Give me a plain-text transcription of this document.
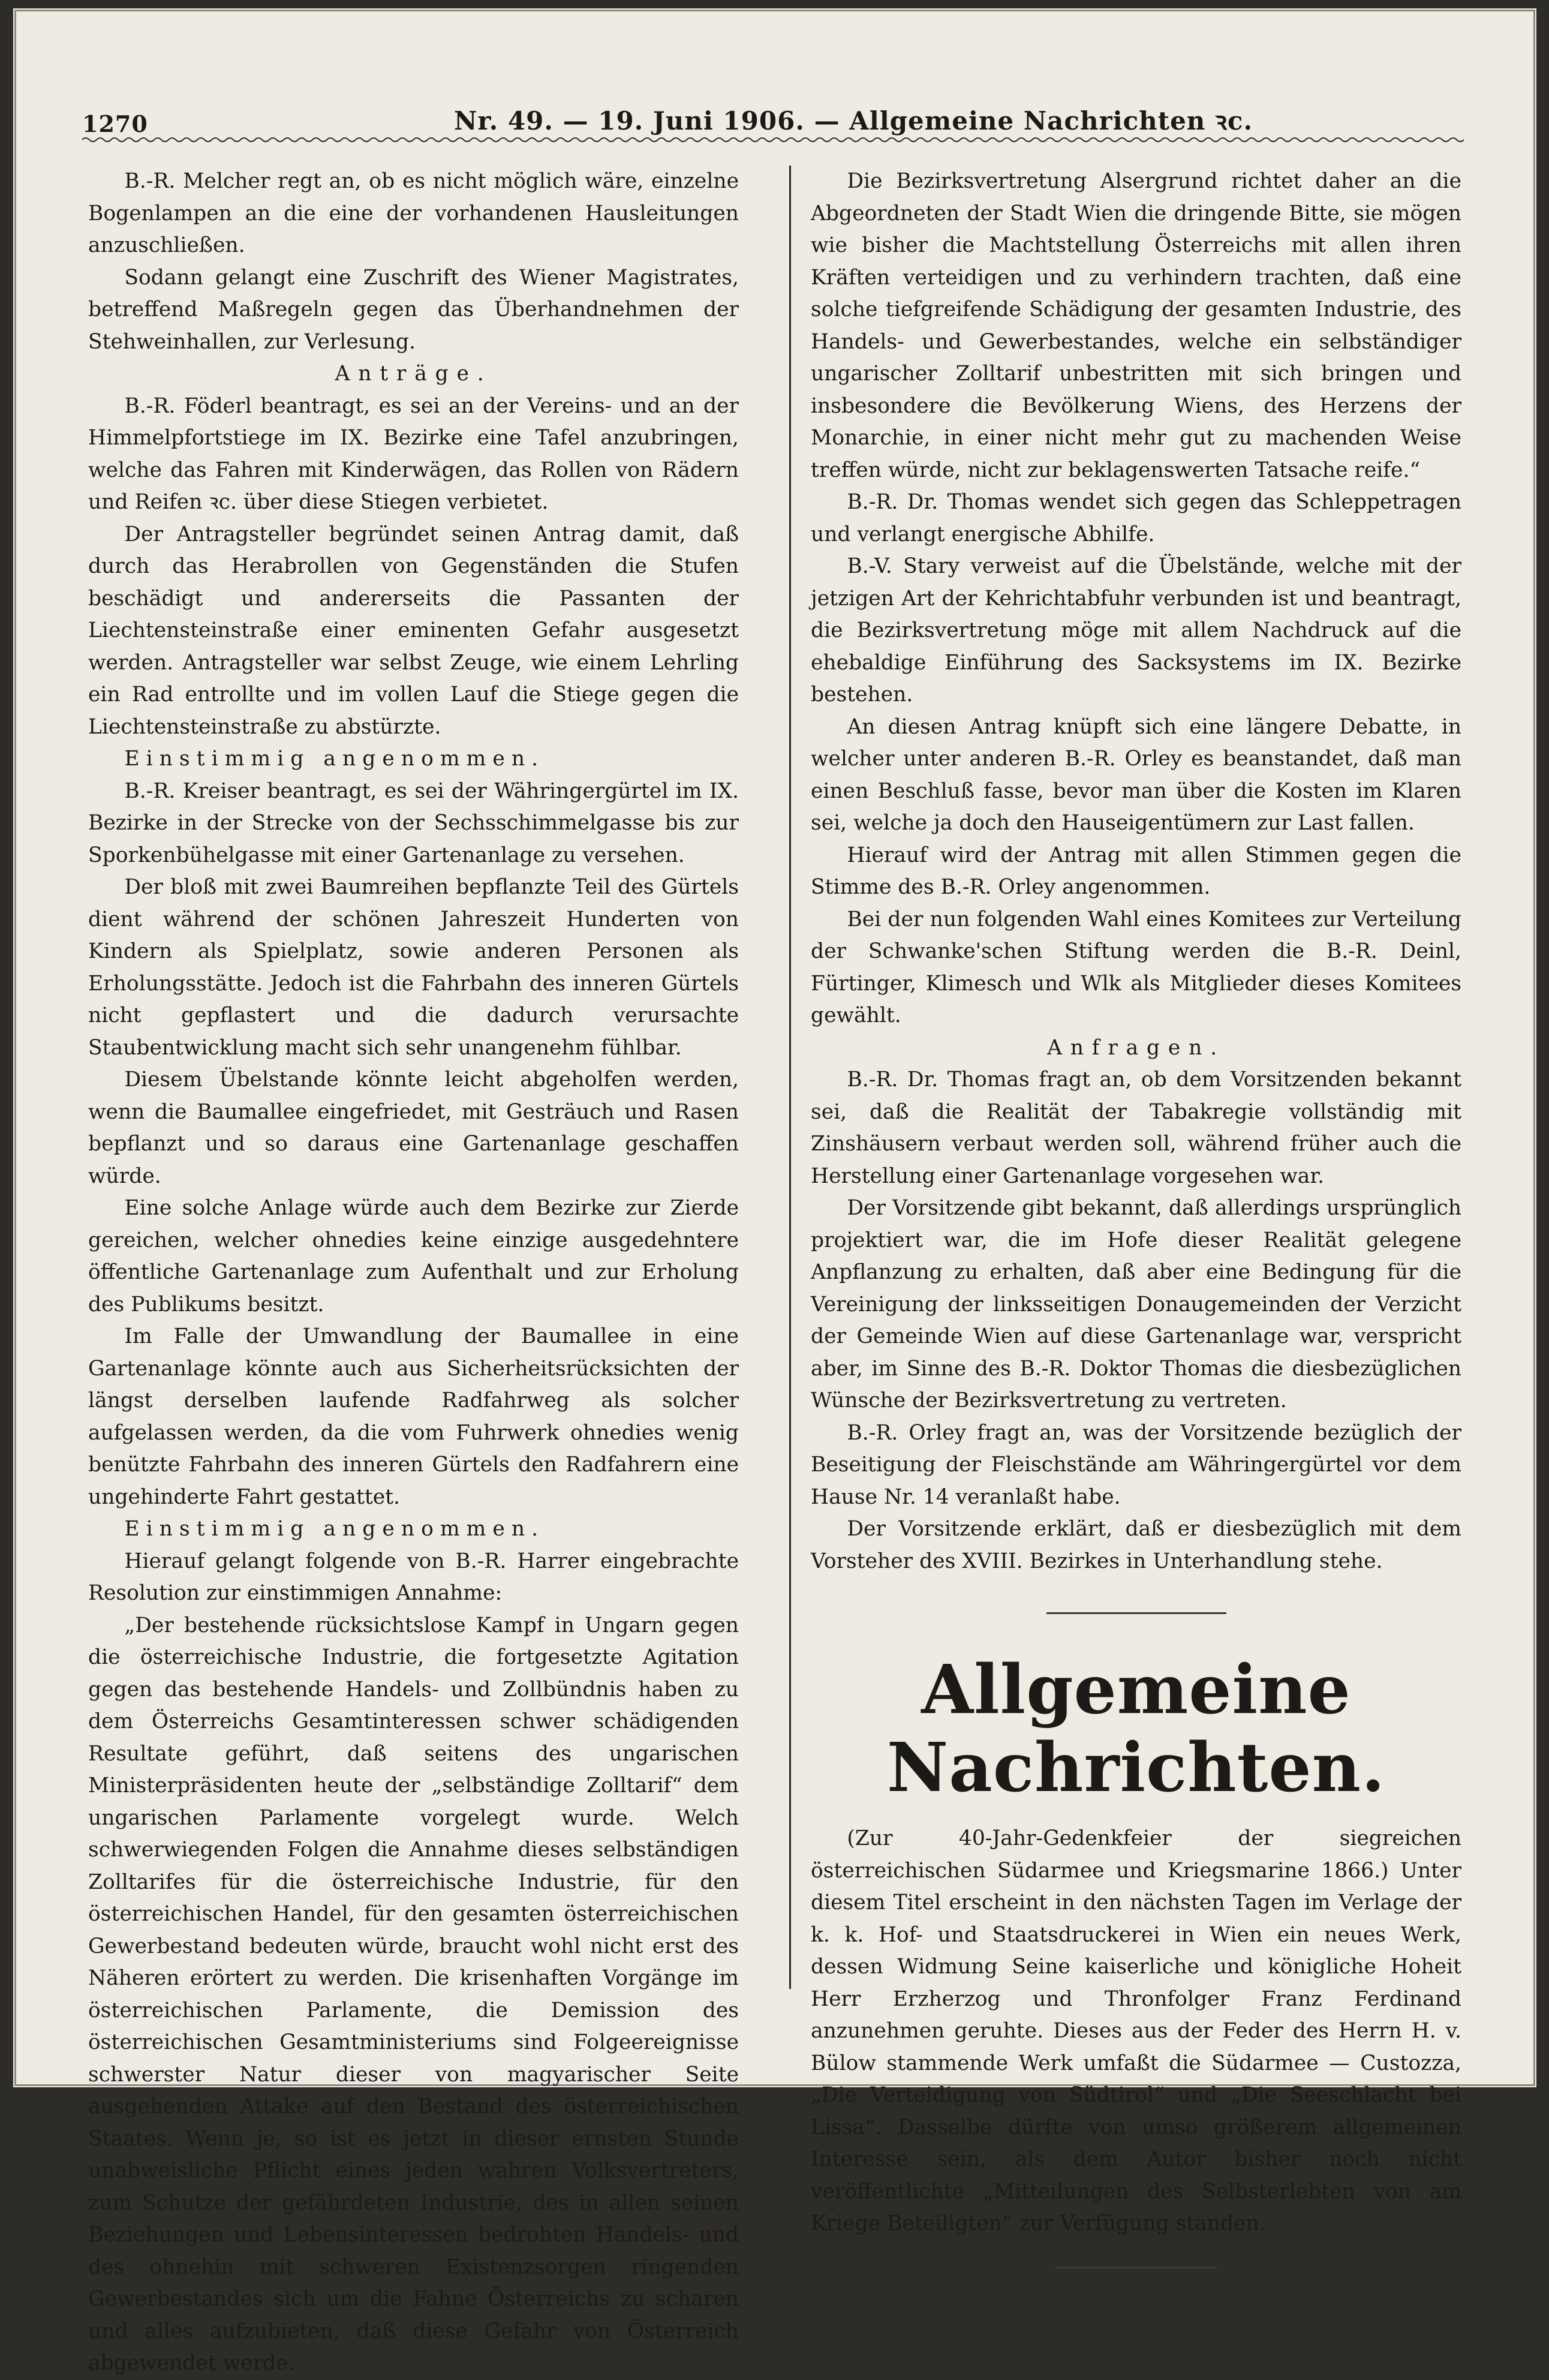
1270	Nr. 49. — 19. Juni 1906. — Allgemeine Nachrichten ꝛc.

B.-R. Melcher regt an, ob es nicht möglich wäre, einzelne Bogenlampen an die eine der vorhandenen Hausleitungen anzuschließen.

Sodann gelangt eine Zuschrift des Wiener Magistrates, betreffend Maßregeln gegen das Überhandnehmen der Stehweinhallen, zur Verlesung.

Anträge.

B.-R. Föderl beantragt, es sei an der Vereins- und an der Himmelpfortstiege im IX. Bezirke eine Tafel anzubringen, welche das Fahren mit Kinderwägen, das Rollen von Rädern und Reifen ꝛc. über diese Stiegen verbietet.

Der Antragsteller begründet seinen Antrag damit, daß durch das Herabrollen von Gegenständen die Stufen beschädigt und andererseits die Passanten der Liechtensteinstraße einer eminenten Gefahr ausgesetzt werden. Antragsteller war selbst Zeuge, wie einem Lehrling ein Rad entrollte und im vollen Lauf die Stiege gegen die Liechtensteinstraße zu abstürzte.

Einstimmig angenommen.

B.-R. Kreiser beantragt, es sei der Währingergürtel im IX. Bezirke in der Strecke von der Sechsschimmelgasse bis zur Sporkenbühelgasse mit einer Gartenanlage zu versehen.

Der bloß mit zwei Baumreihen bepflanzte Teil des Gürtels dient während der schönen Jahreszeit Hunderten von Kindern als Spielplatz, sowie anderen Personen als Erholungsstätte. Jedoch ist die Fahrbahn des inneren Gürtels nicht gepflastert und die dadurch verursachte Staubentwicklung macht sich sehr unangenehm fühlbar.

Diesem Übelstande könnte leicht abgeholfen werden, wenn die Baumallee eingefriedet, mit Gesträuch und Rasen bepflanzt und so daraus eine Gartenanlage geschaffen würde.

Eine solche Anlage würde auch dem Bezirke zur Zierde gereichen, welcher ohnedies keine einzige ausgedehntere öffentliche Gartenanlage zum Aufenthalt und zur Erholung des Publikums besitzt.

Im Falle der Umwandlung der Baumallee in eine Gartenanlage könnte auch aus Sicherheitsrücksichten der längst derselben laufende Radfahrweg als solcher aufgelassen werden, da die vom Fuhrwerk ohnedies wenig benützte Fahrbahn des inneren Gürtels den Radfahrern eine ungehinderte Fahrt gestattet.

Einstimmig angenommen.

Hierauf gelangt folgende von B.-R. Harrer eingebrachte Resolution zur einstimmigen Annahme:

„Der bestehende rücksichtslose Kampf in Ungarn gegen die österreichische Industrie, die fortgesetzte Agitation gegen das bestehende Handels- und Zollbündnis haben zu dem Österreichs Gesamtinteressen schwer schädigenden Resultate geführt, daß seitens des ungarischen Ministerpräsidenten heute der „selbständige Zolltarif“ dem ungarischen Parlamente vorgelegt wurde. Welch schwerwiegenden Folgen die Annahme dieses selbständigen Zolltarifes für die österreichische Industrie, für den österreichischen Handel, für den gesamten österreichischen Gewerbestand bedeuten würde, braucht wohl nicht erst des Näheren erörtert zu werden. Die krisenhaften Vorgänge im österreichischen Parlamente, die Demission des österreichischen Gesamtministeriums sind Folgeereignisse schwerster Natur dieser von magyarischer Seite ausgehenden Attake auf den Bestand des österreichischen Staates. Wenn je, so ist es jetzt in dieser ernsten Stunde unabweisliche Pflicht eines jeden wahren Volksvertreters, zum Schutze der gefährdeten Industrie, des in allen seinen Beziehungen und Lebensinteressen bedrohten Handels- und des ohnehin mit schweren Existenzsorgen ringenden Gewerbestandes sich um die Fahne Österreichs zu scharen und alles aufzubieten, daß diese Gefahr von Österreich abgewendet werde.

Die Bezirksvertretung Alsergrund richtet daher an die Abgeordneten der Stadt Wien die dringende Bitte, sie mögen wie bisher die Machtstellung Österreichs mit allen ihren Kräften verteidigen und zu verhindern trachten, daß eine solche tiefgreifende Schädigung der gesamten Industrie, des Handels- und Gewerbestandes, welche ein selbständiger ungarischer Zolltarif unbestritten mit sich bringen und insbesondere die Bevölkerung Wiens, des Herzens der Monarchie, in einer nicht mehr gut zu machenden Weise treffen würde, nicht zur beklagenswerten Tatsache reife.“

B.-R. Dr. Thomas wendet sich gegen das Schleppetragen und verlangt energische Abhilfe.

B.-V. Stary verweist auf die Übelstände, welche mit der jetzigen Art der Kehrichtabfuhr verbunden ist und beantragt, die Bezirksvertretung möge mit allem Nachdruck auf die ehebaldige Einführung des Sacksystems im IX. Bezirke bestehen.

An diesen Antrag knüpft sich eine längere Debatte, in welcher unter anderen B.-R. Orley es beanstandet, daß man einen Beschluß fasse, bevor man über die Kosten im Klaren sei, welche ja doch den Hauseigentümern zur Last fallen.

Hierauf wird der Antrag mit allen Stimmen gegen die Stimme des B.-R. Orley angenommen.

Bei der nun folgenden Wahl eines Komitees zur Verteilung der Schwanke'schen Stiftung werden die B.-R. Deinl, Fürtinger, Klimesch und Wlk als Mitglieder dieses Komitees gewählt.

Anfragen.

B.-R. Dr. Thomas fragt an, ob dem Vorsitzenden bekannt sei, daß die Realität der Tabakregie vollständig mit Zinshäusern verbaut werden soll, während früher auch die Herstellung einer Gartenanlage vorgesehen war.

Der Vorsitzende gibt bekannt, daß allerdings ursprünglich projektiert war, die im Hofe dieser Realität gelegene Anpflanzung zu erhalten, daß aber eine Bedingung für die Vereinigung der linksseitigen Donaugemeinden der Verzicht der Gemeinde Wien auf diese Gartenanlage war, verspricht aber, im Sinne des B.-R. Doktor Thomas die diesbezüglichen Wünsche der Bezirksvertretung zu vertreten.

B.-R. Orley fragt an, was der Vorsitzende bezüglich der Beseitigung der Fleischstände am Währingergürtel vor dem Hause Nr. 14 veranlaßt habe.

Der Vorsitzende erklärt, daß er diesbezüglich mit dem Vorsteher des XVIII. Bezirkes in Unterhandlung stehe.

Allgemeine Nachrichten.

(Zur 40-Jahr-Gedenkfeier der siegreichen österreichischen Südarmee und Kriegsmarine 1866.) Unter diesem Titel erscheint in den nächsten Tagen im Verlage der k. k. Hof- und Staatsdruckerei in Wien ein neues Werk, dessen Widmung Seine kaiserliche und königliche Hoheit Herr Erzherzog und Thronfolger Franz Ferdinand anzunehmen geruhte. Dieses aus der Feder des Herrn H. v. Bülow stammende Werk umfaßt die Südarmee — Custozza, „Die Verteidigung von Südtirol“ und „Die Seeschlacht bei Lissa“. Dasselbe dürfte von umso größerem allgemeinen Interesse sein, als dem Autor bisher noch nicht veröffentlichte „Mitteilungen des Selbsterlebten von am Kriege Beteiligten“ zur Verfügung standen.
